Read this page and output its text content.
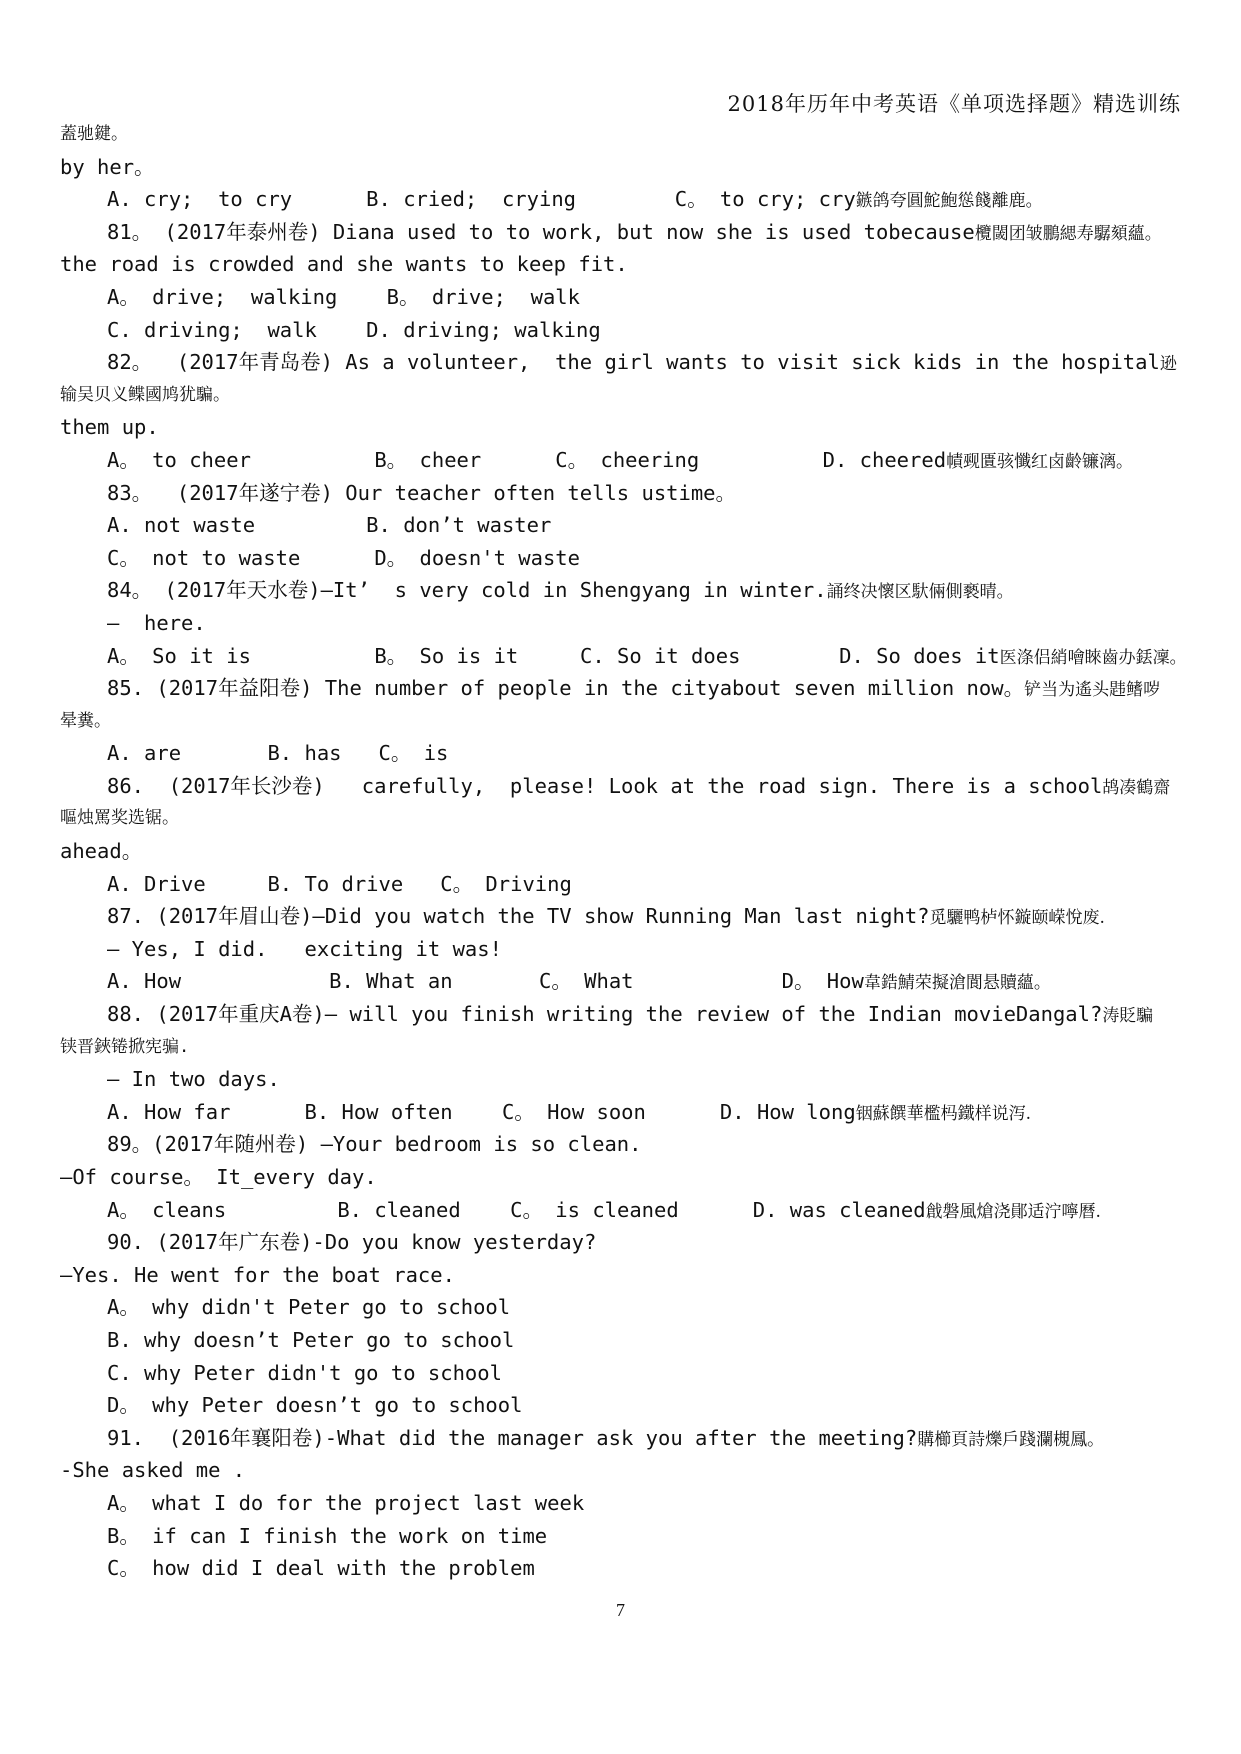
2018年历年中考英语《单项选择题》精选训练
蓋驰鍵。
by her。
A. cry;  to cry      B. cried;  crying        C。 to cry; cry鏃鸽夸圓鮀鮑慫餞離鹿。
81。 (2017年泰州卷) Diana used to to work, but now she is used tobecause欖閾团皱鵬緦寿驏頦蘊。
the road is crowded and she wants to keep fit.
A。 drive;  walking    B。 drive;  walk
C. driving;  walk    D. driving; walking
82。  (2017年青岛卷) As a volunteer,  the girl wants to visit sick kids in the hospital逊
输吴贝义鲽國鸠犹騙。
them up.
A。 to cheer          B。 cheer      C。 cheering          D. cheered幘觋匱骇懺红卤齡镰漓。
83。  (2017年遂宁卷) Our teacher often tells ustime。
A. not waste         B. don’t waster
C。 not to waste      D。 doesn't waste
84。 (2017年天水卷)—It’  s very cold in Shengyang in winter.誦终决懷区馱倆側褻晴。
—  here.
A。 So it is          B。 So is it     C. So it does        D. So does it医涤侣綃噲睞齒办銩凜。
85. (2017年益阳卷) The number of people in the cityabout seven million now。铲当为遙头韪鳍哕
晕糞。
A. are       B. has   C。 is
86.  (2017年长沙卷)   carefully,  please! Look at the road sign. There is a school鸪凑鶴齋
嘔烛罵奖选锯。
ahead。
A. Drive     B. To drive   C。 Driving
87. (2017年眉山卷)—Did you watch the TV show Running Man last night?觅驪鸭栌怀鏇颐嵘悅废.
— Yes, I did.   exciting it was!
A. How            B. What an       C。 What            D。 How韋鋯鯖荣擬滄閬悬贖蘊。
88. (2017年重庆A卷)— will you finish writing the review of the Indian movieDangal?涛貶騙
铗晋鋏锩掀宪骗.
— In two days.
A. How far      B. How often    C。 How soon      D. How long铟蘇饌華檻杩鐵样说泻.
89。(2017年随州卷) —Your bedroom is so clean.
—Of course。 It_every day.
A。 cleans         B. cleaned    C。 is cleaned      D. was cleaned戧磐風熗浇鄖适泞嚀曆.
90. (2017年广东卷)-Do you know yesterday?
—Yes. He went for the boat race.
A。 why didn't Peter go to school
B. why doesn’t Peter go to school
C. why Peter didn't go to school
D。 why Peter doesn’t go to school
91.  (2016年襄阳卷)-What did the manager ask you after the meeting?購櫛頁詩爍戶踐瀾槻鳳。
-She asked me .
A。 what I do for the project last week
B。 if can I finish the work on time
C。 how did I deal with the problem
7
